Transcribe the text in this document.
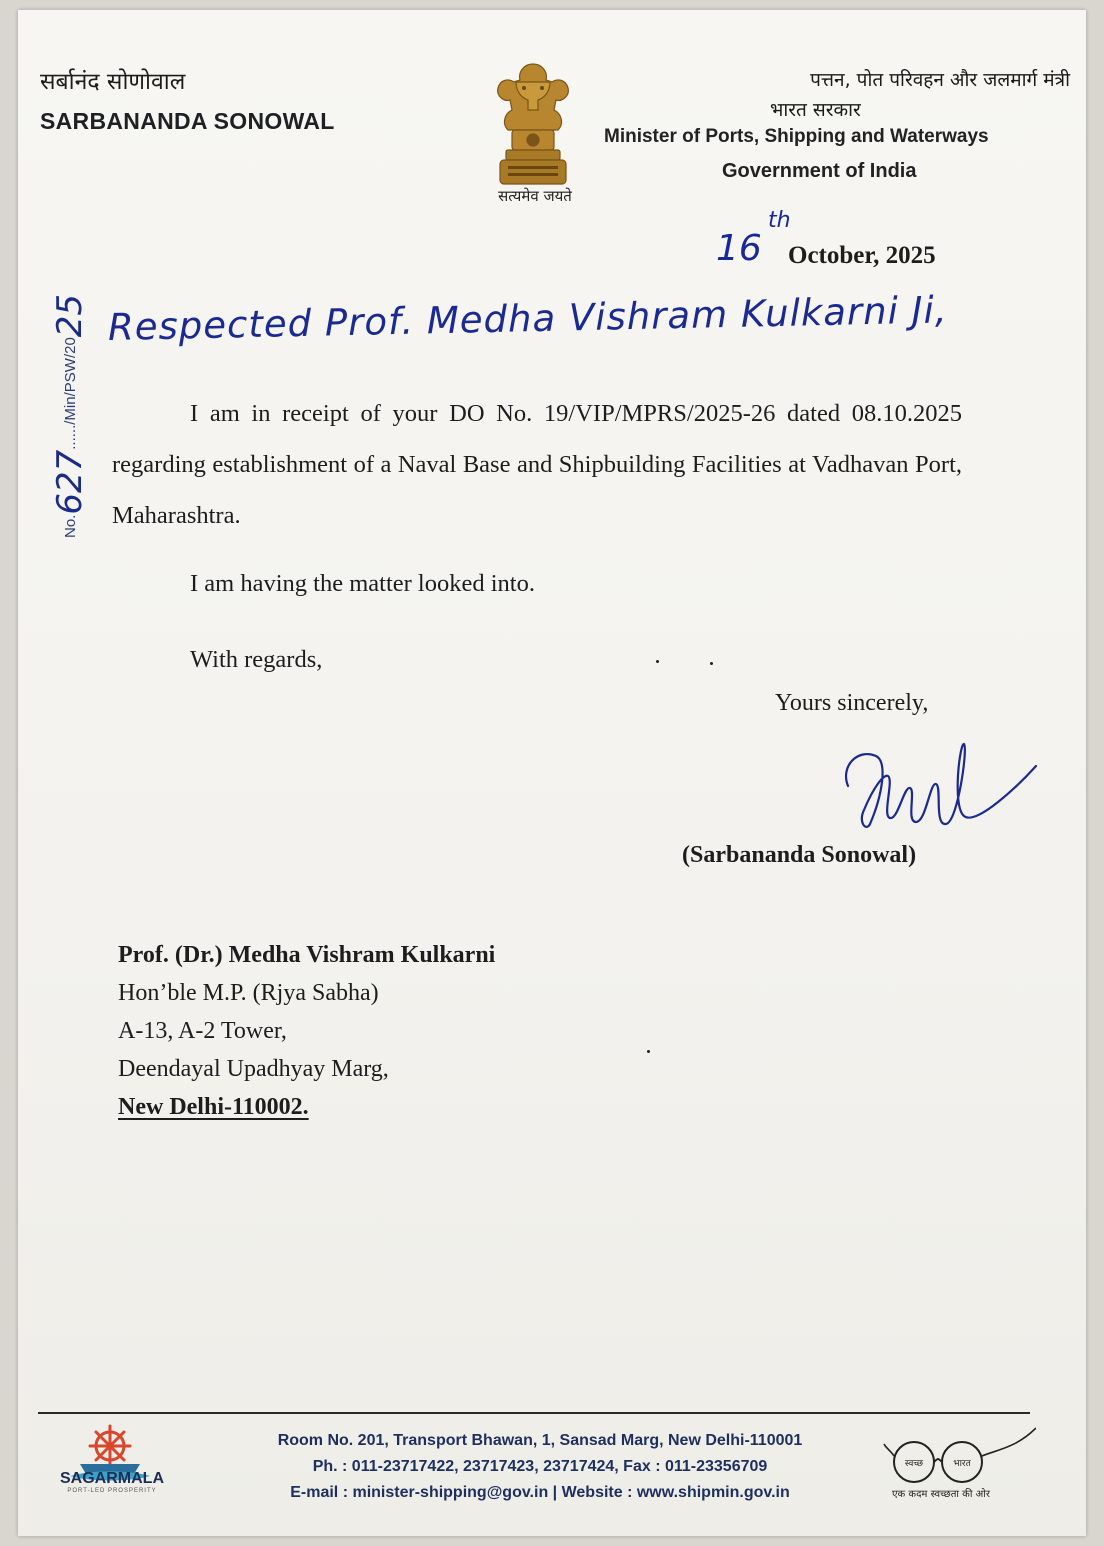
सर्बानंद सोणोवाल
SARBANANDA SONOWAL
सत्यमेव जयते
पत्तन, पोत परिवहन और जलमार्ग मंत्री
भारत सरकार
Minister of Ports, Shipping and Waterways
Government of India
No.627....../Min/PSW/2025
16
th
October, 2025
Respected Prof. Medha Vishram Kulkarni Ji,
I am in receipt of your DO No. 19/VIP/MPRS/2025-26 dated 08.10.2025 regarding establishment of a Naval Base and Shipbuilding Facilities at Vadhavan Port, Maharashtra.
I am having the matter looked into.
With regards,
Yours sincerely,
(Sarbananda Sonowal)
Prof. (Dr.) Medha Vishram Kulkarni
Hon’ble M.P. (Rjya Sabha)
A-13, A-2 Tower,
Deendayal Upadhyay Marg,
New Delhi-110002.
SAGARMALA
PORT-LED PROSPERITY
Room No. 201, Transport Bhawan, 1, Sansad Marg, New Delhi-110001
Ph. : 011-23717422, 23717423, 23717424, Fax : 011-23356709
E-mail : minister-shipping@gov.in | Website : www.shipmin.gov.in
स्वच्छ	भारत
एक कदम स्वच्छता की ओर
